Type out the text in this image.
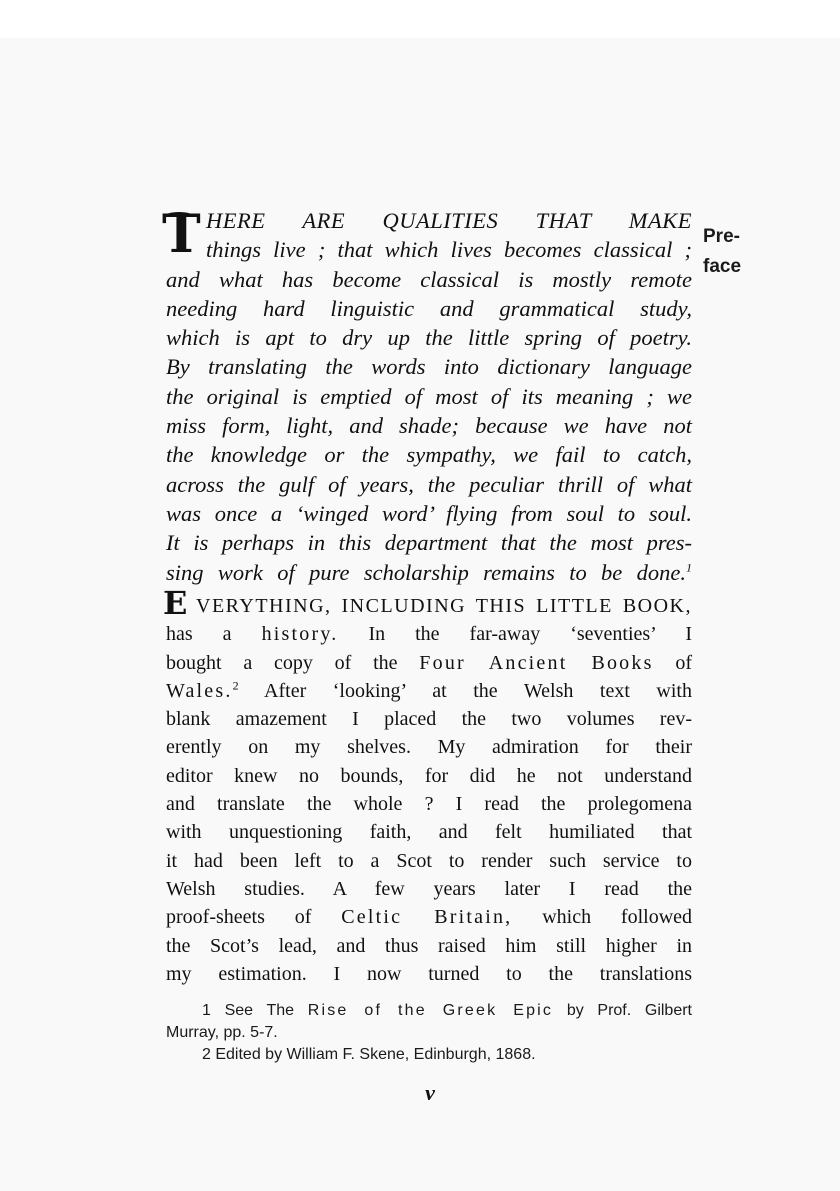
Pre-
face
T HERE ARE QUALITIES THAT MAKE
things live ; that which lives becomes classical ;
and what has become classical is mostly remote
needing hard linguistic and grammatical study,
which is apt to dry up the little spring of poetry.
By translating the words into dictionary language
the original is emptied of most of its meaning ; we
miss form, light, and shade; because we have not
the knowledge or the sympathy, we fail to catch,
across the gulf of years, the peculiar thrill of what
was once a ‘winged word’ flying from soul to soul.
It is perhaps in this department that the most pres-
sing work of pure scholarship remains to be done.$^1$
E VERYTHING, INCLUDING THIS LITTLE BOOK,
has a history. In the far-away ‘seventies’ I
bought a copy of the Four Ancient Books of
Wales.$^2$ After ‘looking’ at the Welsh text with
blank amazement I placed the two volumes rev-
erently on my shelves. My admiration for their
editor knew no bounds, for did he not understand
and translate the whole ? I read the prolegomena
with unquestioning faith, and felt humiliated that
it had been left to a Scot to render such service to
Welsh studies. A few years later I read the
proof-sheets of Celtic Britain, which followed
the Scot’s lead, and thus raised him still higher in
my estimation. I now turned to the translations
1 See The Rise of the Greek Epic by Prof. Gilbert
Murray, pp. 5-7.
2 Edited by William F. Skene, Edinburgh, 1868.
v
